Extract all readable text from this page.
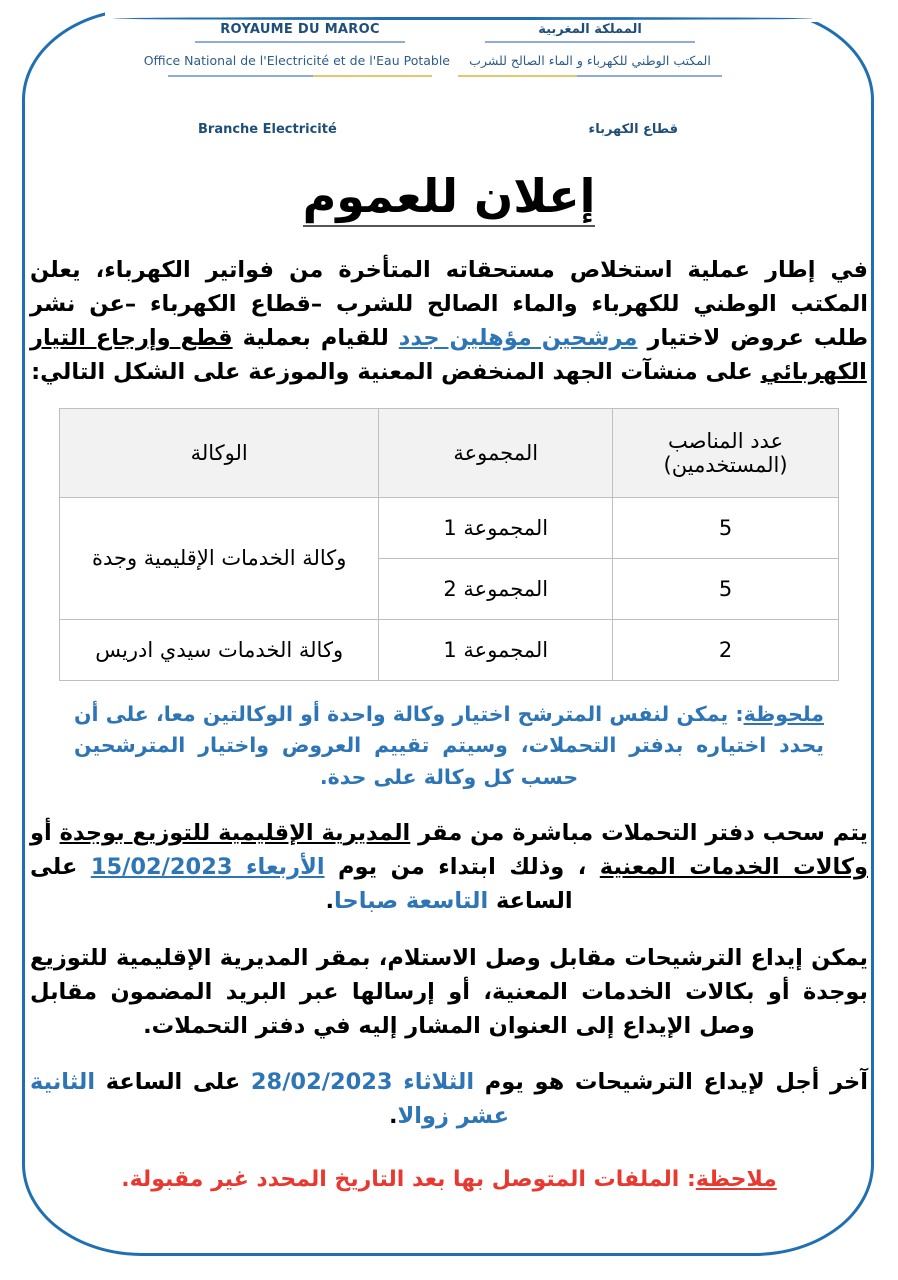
ROYAUME DU MAROC
Office National de l'Electricité et de l'Eau Potable
المملكة المغربية
المكتب الوطني للكهرباء و الماء الصالح للشرب
Branche Electricité	قطاع الكهرباء
إعلان للعموم

في إطار عملية استخلاص مستحقاته المتأخرة من فواتير الكهرباء، يعلن المكتب الوطني للكهرباء والماء الصالح للشرب –قطاع الكهرباء –عن نشر طلب عروض لاختيار مرشحين مؤهلين جدد للقيام بعملية قطع وإرجاع التيار الكهربائي على منشآت الجهد المنخفض المعنية والموزعة على الشكل التالي:

عدد المناصب
(المستخدمين)	المجموعة	الوكالة
5	المجموعة 1	وكالة الخدمات الإقليمية وجدة
5	المجموعة 2	
2	المجموعة 1	وكالة الخدمات سيدي ادريس

ملحوظة: يمكن لنفس المترشح اختيار وكالة واحدة أو الوكالتين معا، على أن يحدد اختياره بدفتر التحملات، وسيتم تقييم العروض واختيار المترشحين حسب كل وكالة على حدة.

يتم سحب دفتر التحملات مباشرة من مقر المديرية الإقليمية للتوزيع بوجدة أو وكالات الخدمات المعنية ، وذلك ابتداء من يوم الأربعاء 15/02/2023 على الساعة التاسعة صباحا.

يمكن إيداع الترشيحات مقابل وصل الاستلام، بمقر المديرية الإقليمية للتوزيع بوجدة أو بكالات الخدمات المعنية، أو إرسالها عبر البريد المضمون مقابل وصل الإيداع إلى العنوان المشار إليه في دفتر التحملات.

آخر أجل لإيداع الترشيحات هو يوم الثلاثاء 28/02/2023 على الساعة الثانية عشر زوالا.

ملاحظة: الملفات المتوصل بها بعد التاريخ المحدد غير مقبولة.
